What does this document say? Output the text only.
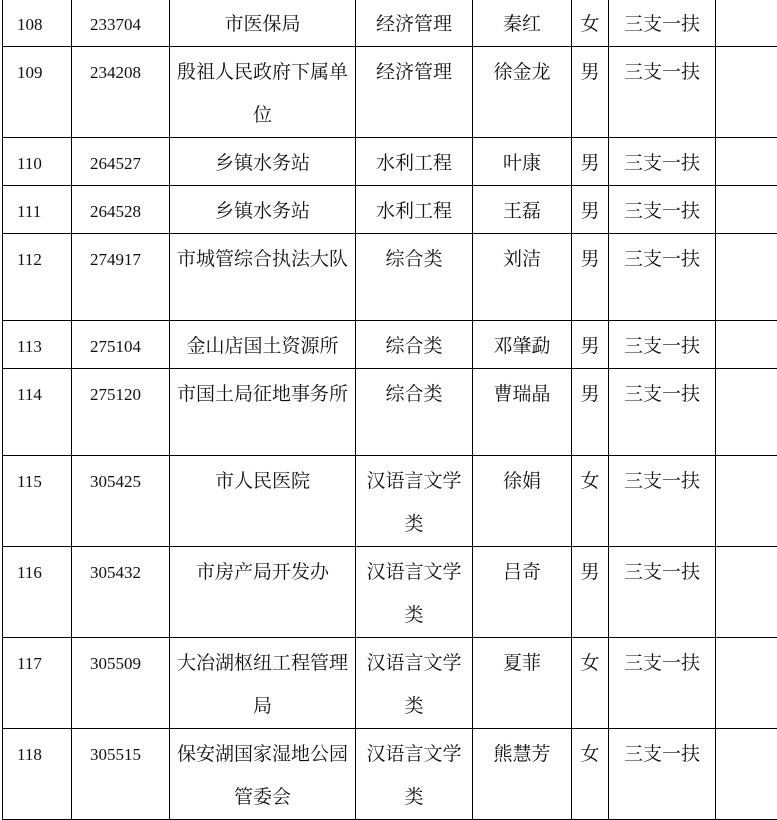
108	233704	市医保局	经济管理	秦红	女	三支一扶	
109	234208	殷祖人民政府下属单位	经济管理	徐金龙	男	三支一扶	
110	264527	乡镇水务站	水利工程	叶康	男	三支一扶	
111	264528	乡镇水务站	水利工程	王磊	男	三支一扶	
112	274917	市城管综合执法大队	综合类	刘洁	男	三支一扶	
113	275104	金山店国土资源所	综合类	邓肇勐	男	三支一扶	
114	275120	市国土局征地事务所	综合类	曹瑞晶	男	三支一扶	
115	305425	市人民医院	汉语言文学类	徐娟	女	三支一扶	
116	305432	市房产局开发办	汉语言文学类	吕奇	男	三支一扶	
117	305509	大冶湖枢纽工程管理局	汉语言文学类	夏菲	女	三支一扶	
118	305515	保安湖国家湿地公园管委会	汉语言文学类	熊慧芳	女	三支一扶	
